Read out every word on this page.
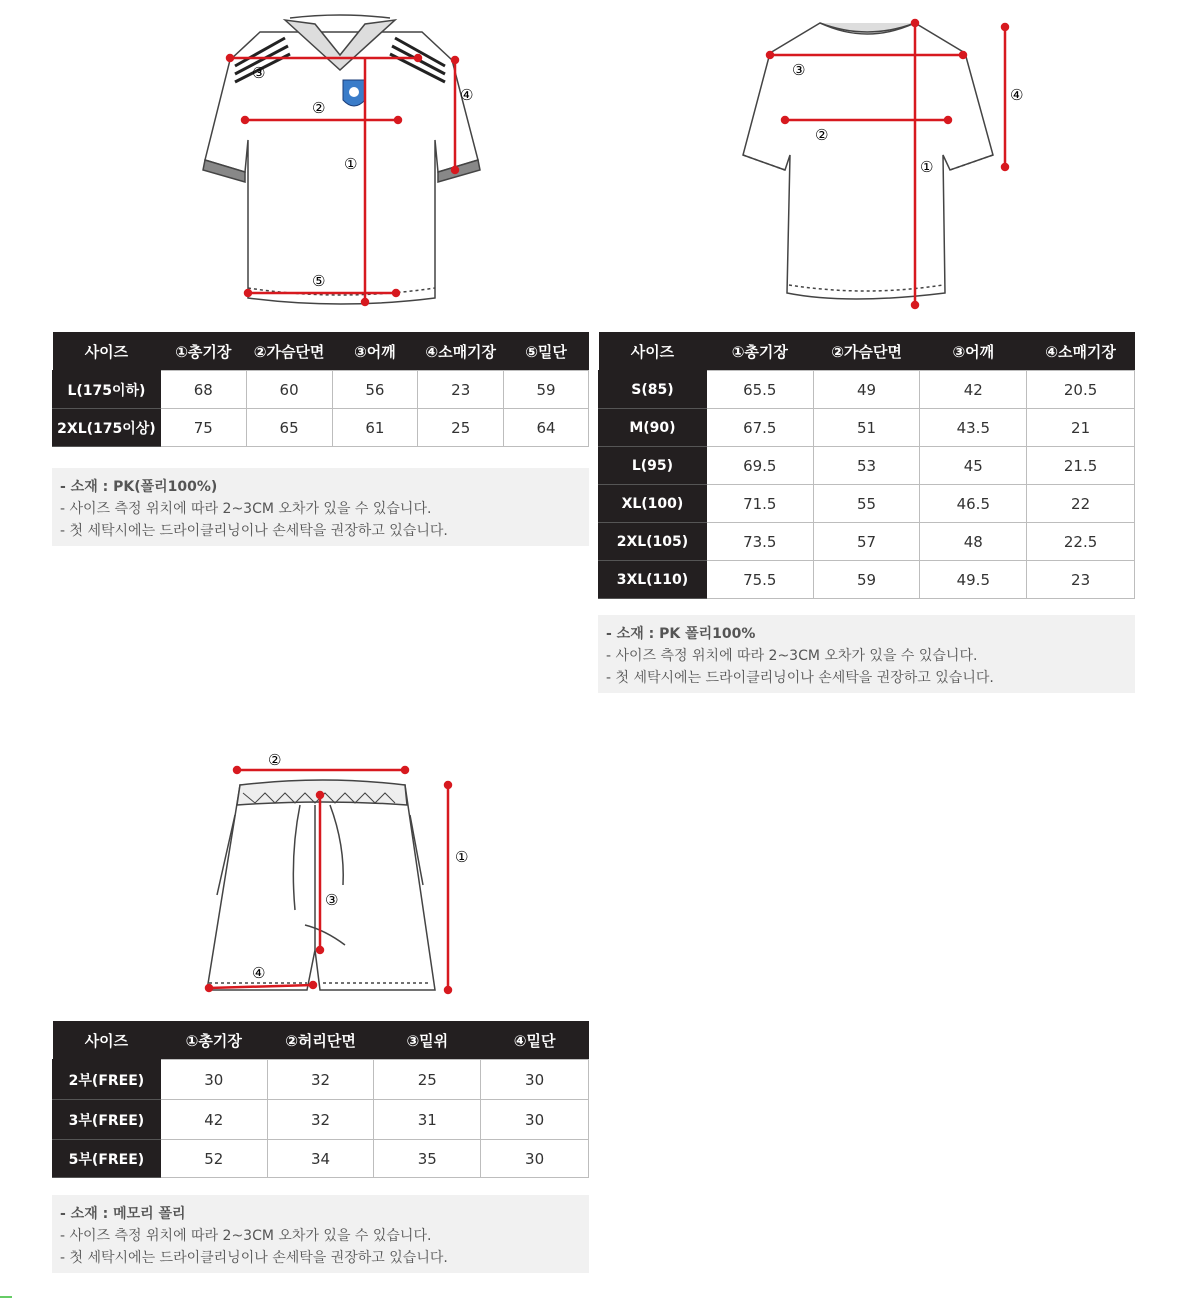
③
②
①
④
⑤
③
②
①
④
②
①
③
④
사이즈	①총기장	②가슴단면	③어깨	④소매기장	⑤밑단
L(175이하)	68	60	56	23	59
2XL(175이상)	75	65	61	25	64
- 소재 : PK(폴리100%)
- 사이즈 측정 위치에 따라 2~3CM 오차가 있을 수 있습니다.
- 첫 세탁시에는 드라이클리닝이나 손세탁을 권장하고 있습니다.
사이즈	①총기장	②가슴단면	③어깨	④소매기장
S(85)	65.5	49	42	20.5
M(90)	67.5	51	43.5	21
L(95)	69.5	53	45	21.5
XL(100)	71.5	55	46.5	22
2XL(105)	73.5	57	48	22.5
3XL(110)	75.5	59	49.5	23
- 소재 : PK 폴리100%
- 사이즈 측정 위치에 따라 2~3CM 오차가 있을 수 있습니다.
- 첫 세탁시에는 드라이클리닝이나 손세탁을 권장하고 있습니다.
사이즈	①총기장	②허리단면	③밑위	④밑단
2부(FREE)	30	32	25	30
3부(FREE)	42	32	31	30
5부(FREE)	52	34	35	30
- 소재 : 메모리 폴리
- 사이즈 측정 위치에 따라 2~3CM 오차가 있을 수 있습니다.
- 첫 세탁시에는 드라이클리닝이나 손세탁을 권장하고 있습니다.
